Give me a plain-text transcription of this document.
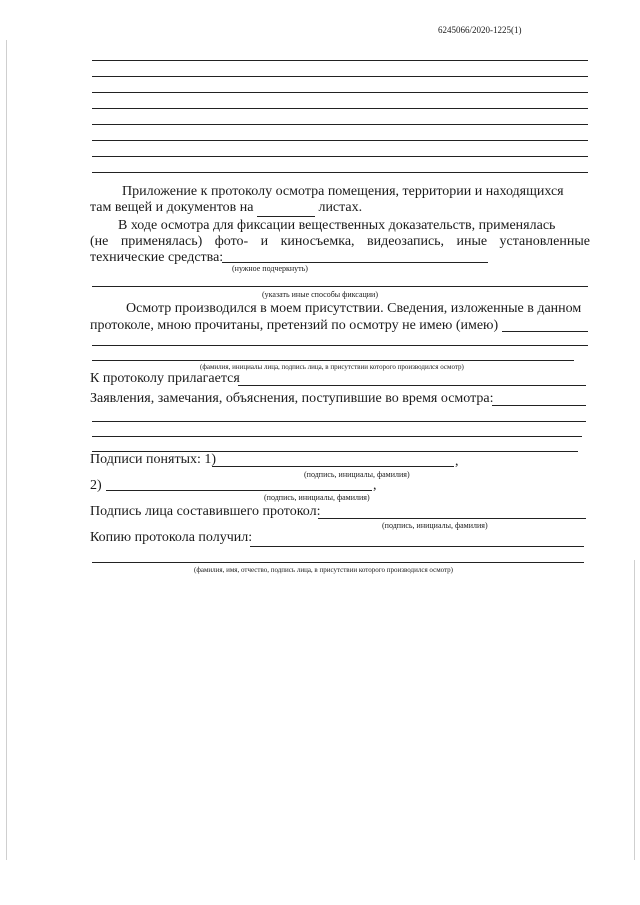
6245066/2020-1225(1)
Приложение к протоколу осмотра помещения, территории и находящихся
там вещей и документов на	листах.
В ходе осмотра для фиксации вещественных доказательств, применялась
(не применялась) фото- и киносъемка, видеозапись, иные установленные
технические средства:
(нужное подчеркнуть)
(указать иные способы фиксации)
Осмотр производился в моем присутствии. Сведения, изложенные в данном
протоколе, мною прочитаны, претензий по осмотру не имею (имею)
(фамилия, инициалы лица, подпись лица, в присутствии которого производился осмотр)
К протоколу прилагается
Заявления, замечания, объяснения, поступившие во время осмотра:
Подписи понятых: 1)	,
(подпись, инициалы, фамилия)
2)	,
(подпись, инициалы, фамилия)
Подпись лица составившего протокол:
(подпись, инициалы, фамилия)
Копию протокола получил:
(фамилия, имя, отчество, подпись лица, в присутствии которого производился осмотр)
